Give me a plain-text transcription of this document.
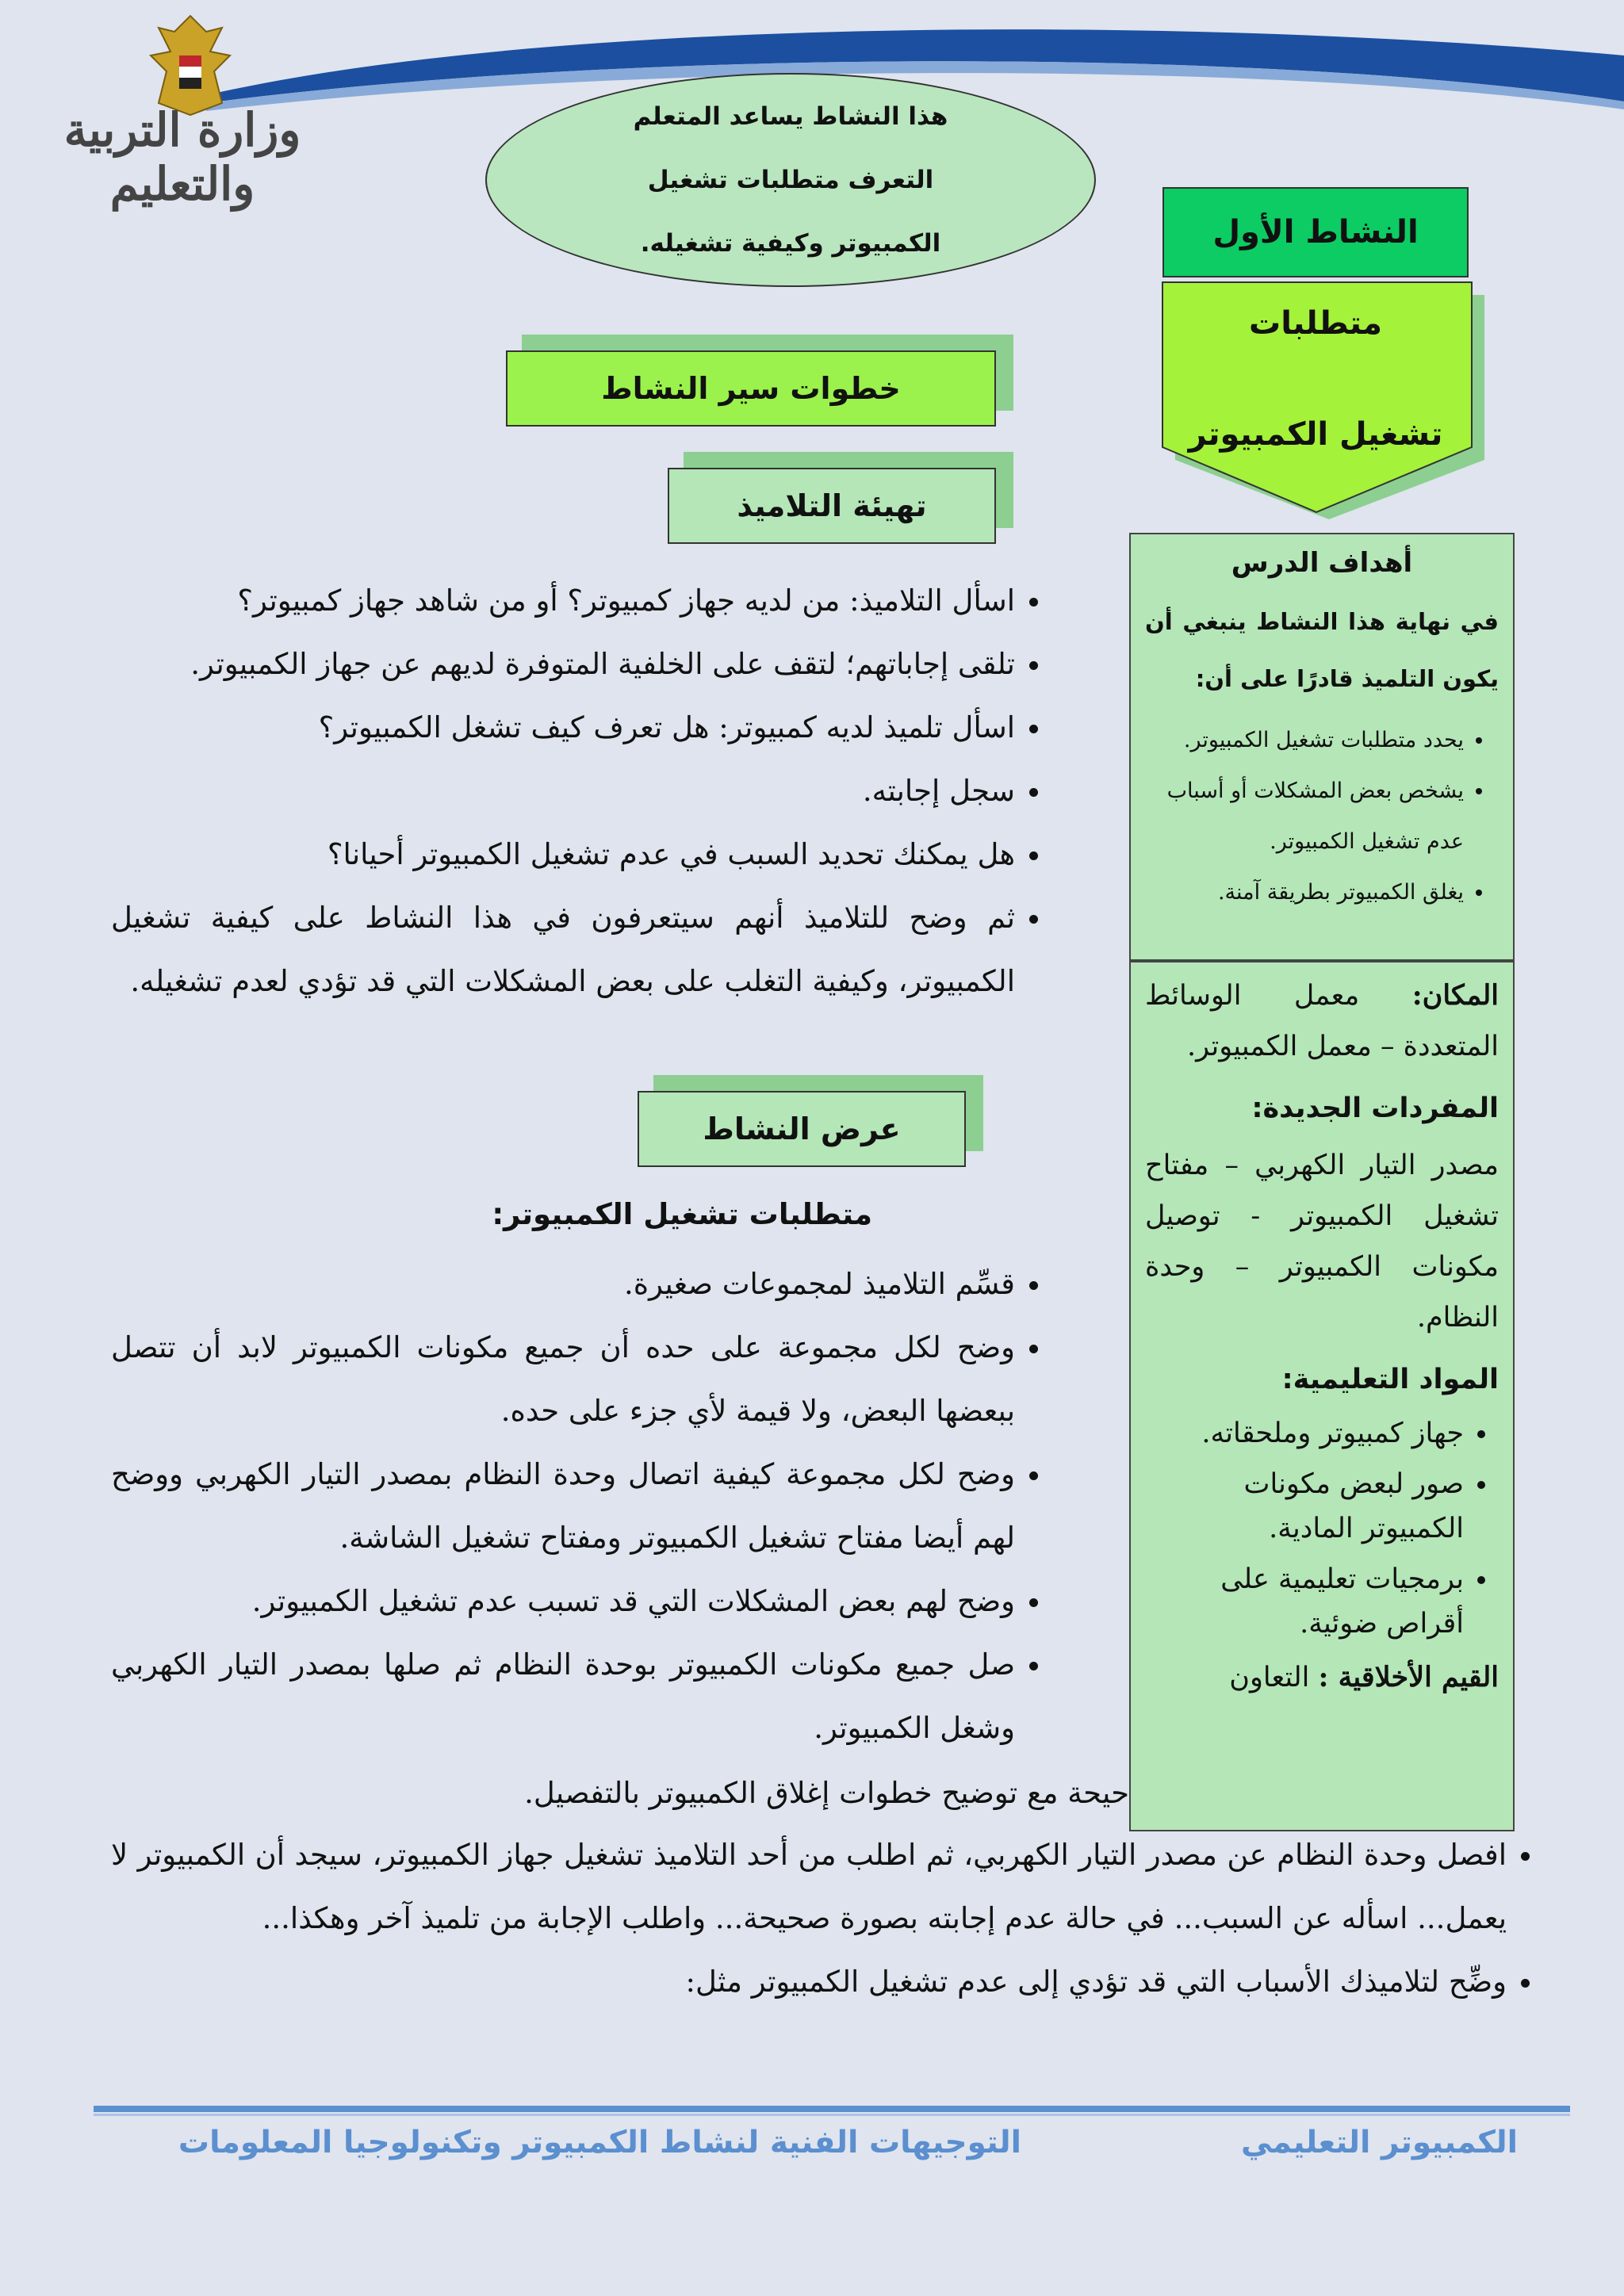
وزارة التربية والتعليم
هذا النشاط يساعد المتعلم التعرف متطلبات تشغيل الكمبيوتر وكيفية تشغيله.	النشاط الأول
متطلبات
تشغيل الكمبيوتر
خطوات سير النشاط
تهيئة التلاميذ
• اسأل التلاميذ: من لديه جهاز كمبيوتر؟ أو من شاهد جهاز كمبيوتر؟
• تلقى إجاباتهم؛ لتقف على الخلفية المتوفرة لديهم عن جهاز الكمبيوتر.
• اسأل تلميذ لديه كمبيوتر: هل تعرف كيف تشغل الكمبيوتر؟
• سجل إجابته.
• هل يمكنك تحديد السبب في عدم تشغيل الكمبيوتر أحيانا؟
• ثم وضح للتلاميذ أنهم سيتعرفون في هذا النشاط على كيفية تشغيل الكمبيوتر، وكيفية التغلب على بعض المشكلات التي قد تؤدي لعدم تشغيله.
عرض النشاط
متطلبات تشغيل الكمبيوتر:
• قسِّم التلاميذ لمجموعات صغيرة.
• وضح لكل مجموعة على حده أن جميع مكونات الكمبيوتر لابد أن تتصل ببعضها البعض، ولا قيمة لأي جزء على حده.
• وضح لكل مجموعة كيفية اتصال وحدة النظام بمصدر التيار الكهربي ووضح لهم أيضا مفتاح تشغيل الكمبيوتر ومفتاح تشغيل الشاشة.
• وضح لهم بعض المشكلات التي قد تسبب عدم تشغيل الكمبيوتر.
• صل جميع مكونات الكمبيوتر بوحدة النظام ثم صلها بمصدر التيار الكهربي وشغل الكمبيوتر.
حيحة مع توضيح خطوات إغلاق الكمبيوتر بالتفصيل.
• افصل وحدة النظام عن مصدر التيار الكهربي، ثم اطلب من أحد التلاميذ تشغيل جهاز الكمبيوتر، سيجد أن الكمبيوتر لا يعمل... اسأله عن السبب... في حالة عدم إجابته بصورة صحيحة... واطلب الإجابة من تلميذ آخر وهكذا...
• وضِّح لتلاميذك الأسباب التي قد تؤدي إلى عدم تشغيل الكمبيوتر مثل:
أهداف الدرس
في نهاية هذا النشاط ينبغي أن يكون التلميذ قادرًا على أن:
• يحدد متطلبات تشغيل الكمبيوتر.
• يشخص بعض المشكلات أو أسباب عدم تشغيل الكمبيوتر.
• يغلق الكمبيوتر بطريقة آمنة.

المكان: معمل الوسائط المتعددة – معمل الكمبيوتر.

المفردات الجديدة:

مصدر التيار الكهربي – مفتاح تشغيل الكمبيوتر - توصيل مكونات الكمبيوتر – وحدة النظام.

المواد التعليمية:
• جهاز كمبيوتر وملحقاته.
• صور لبعض مكونات الكمبيوتر المادية.
• برمجيات تعليمية على أقراص ضوئية.

القيم الأخلاقية : التعاون

الكمبيوتر التعليمي
التوجيهات الفنية لنشاط الكمبيوتر وتكنولوجيا المعلومات
